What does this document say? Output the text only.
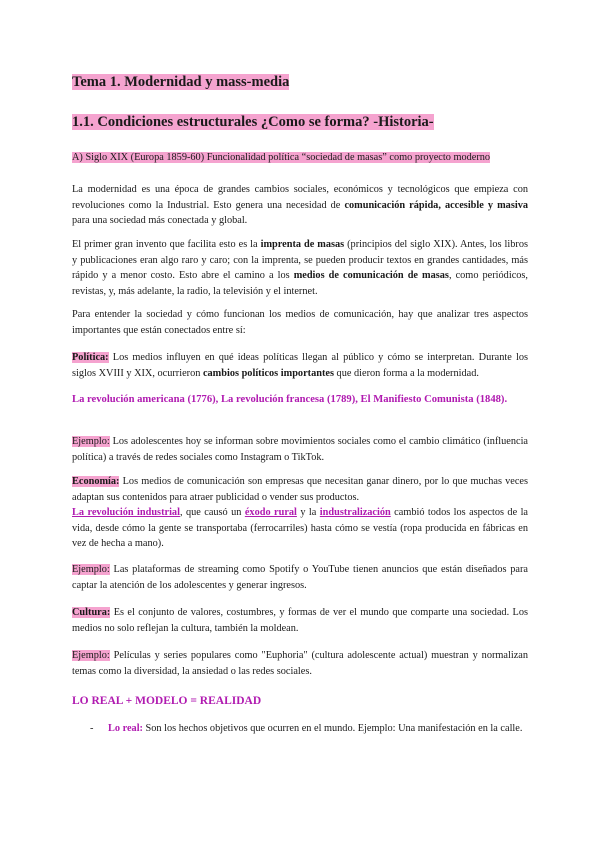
Tema 1. Modernidad y mass-media
1.1. Condiciones estructurales ¿Como se forma? -Historia-
A) Siglo XIX (Europa 1859-60) Funcionalidad política “sociedad de masas” como proyecto moderno

La modernidad es una época de grandes cambios sociales, económicos y tecnológicos que empieza con revoluciones como la Industrial. Esto genera una necesidad de comunicación rápida, accesible y masiva para una sociedad más conectada y global.

El primer gran invento que facilita esto es la imprenta de masas (principios del siglo XIX). Antes, los libros y publicaciones eran algo raro y caro; con la imprenta, se pueden producir textos en grandes cantidades, más rápido y a menor costo. Esto abre el camino a los medios de comunicación de masas, como periódicos, revistas, y, más adelante, la radio, la televisión y el internet.

Para entender la sociedad y cómo funcionan los medios de comunicación, hay que analizar tres aspectos importantes que están conectados entre sí:

Política: Los medios influyen en qué ideas políticas llegan al público y cómo se interpretan. Durante los siglos XVIII y XIX, ocurrieron cambios políticos importantes que dieron forma a la modernidad.

La revolución americana (1776), La revolución francesa (1789), El Manifiesto Comunista (1848).

Ejemplo: Los adolescentes hoy se informan sobre movimientos sociales como el cambio climático (influencia política) a través de redes sociales como Instagram o TikTok.

Economía: Los medios de comunicación son empresas que necesitan ganar dinero, por lo que muchas veces adaptan sus contenidos para atraer publicidad o vender sus productos.
La revolución industrial, que causó un éxodo rural y la industralización cambió todos los aspectos de la vida, desde cómo la gente se transportaba (ferrocarriles) hasta cómo se vestía (ropa producida en fábricas en vez de hecha a mano).

Ejemplo: Las plataformas de streaming como Spotify o YouTube tienen anuncios que están diseñados para captar la atención de los adolescentes y generar ingresos.

Cultura: Es el conjunto de valores, costumbres, y formas de ver el mundo que comparte una sociedad. Los medios no solo reflejan la cultura, también la moldean.

Ejemplo: Películas y series populares como "Euphoria" (cultura adolescente actual) muestran y normalizan temas como la diversidad, la ansiedad o las redes sociales.

LO REAL + MODELO = REALIDAD
- Lo real: Son los hechos objetivos que ocurren en el mundo. Ejemplo: Una manifestación en la calle.
